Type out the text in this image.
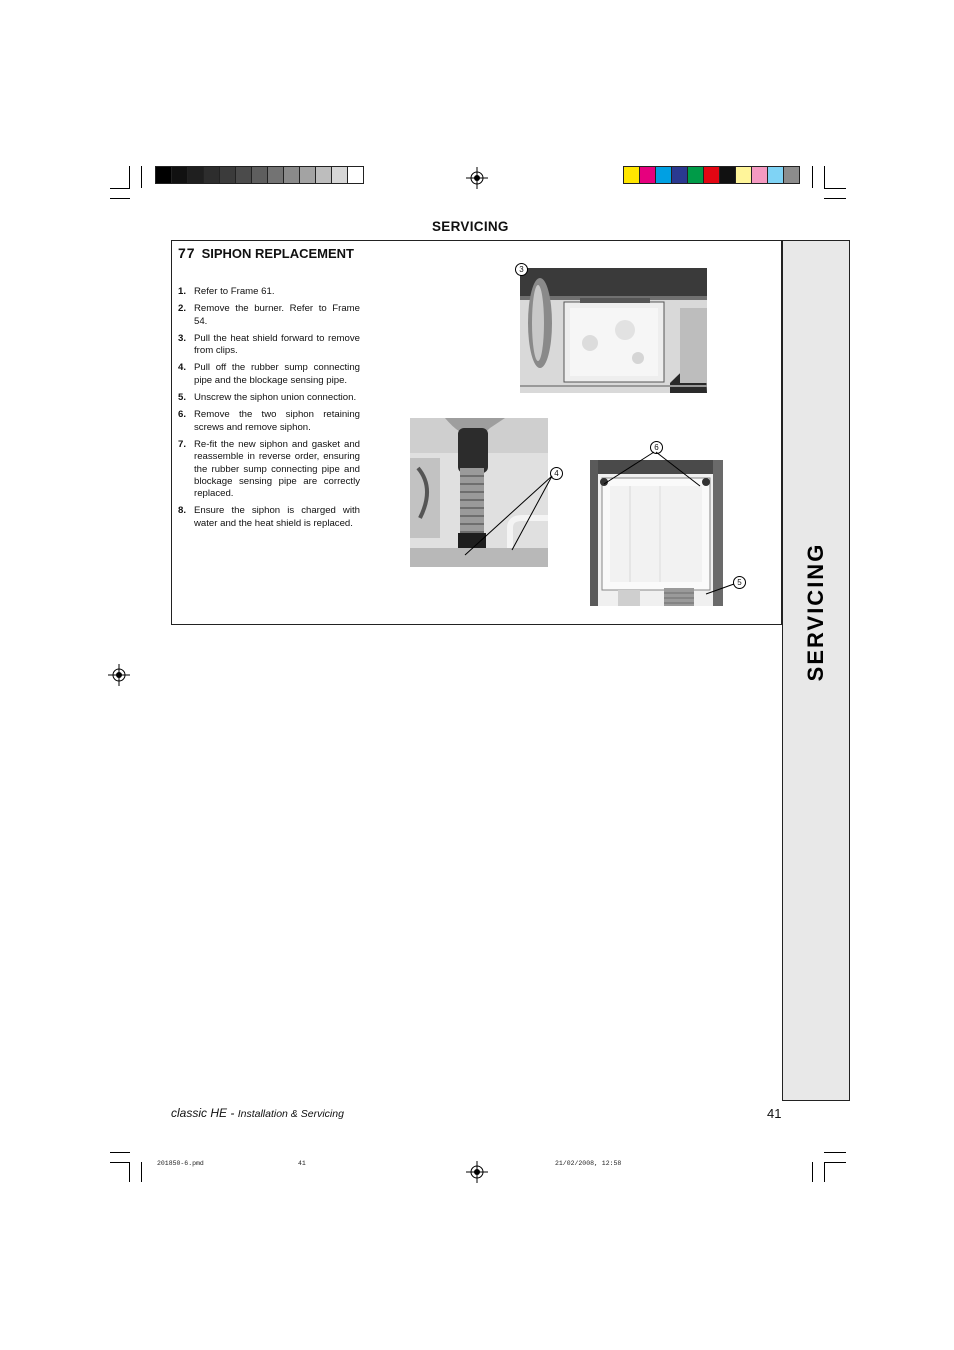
SERVICING
SERVICING
77 SIPHON REPLACEMENT
1. Refer to Frame 61.
2. Remove the burner. Refer to Frame 54.
3. Pull the heat shield forward to remove from clips.
4. Pull off the rubber sump connecting pipe and the blockage sensing pipe.
5. Unscrew the siphon union connection.
6. Remove the two siphon retaining screws and remove siphon.
7. Re-fit the new siphon and gasket and reassemble in reverse order, ensuring the rubber sump connecting pipe and blockage sensing pipe are correctly replaced.
8. Ensure the siphon is charged with water and the heat shield is replaced.
3
4
6
5
classic HE - Installation & Servicing	41
201850-6.pmd	41	21/02/2008, 12:58
